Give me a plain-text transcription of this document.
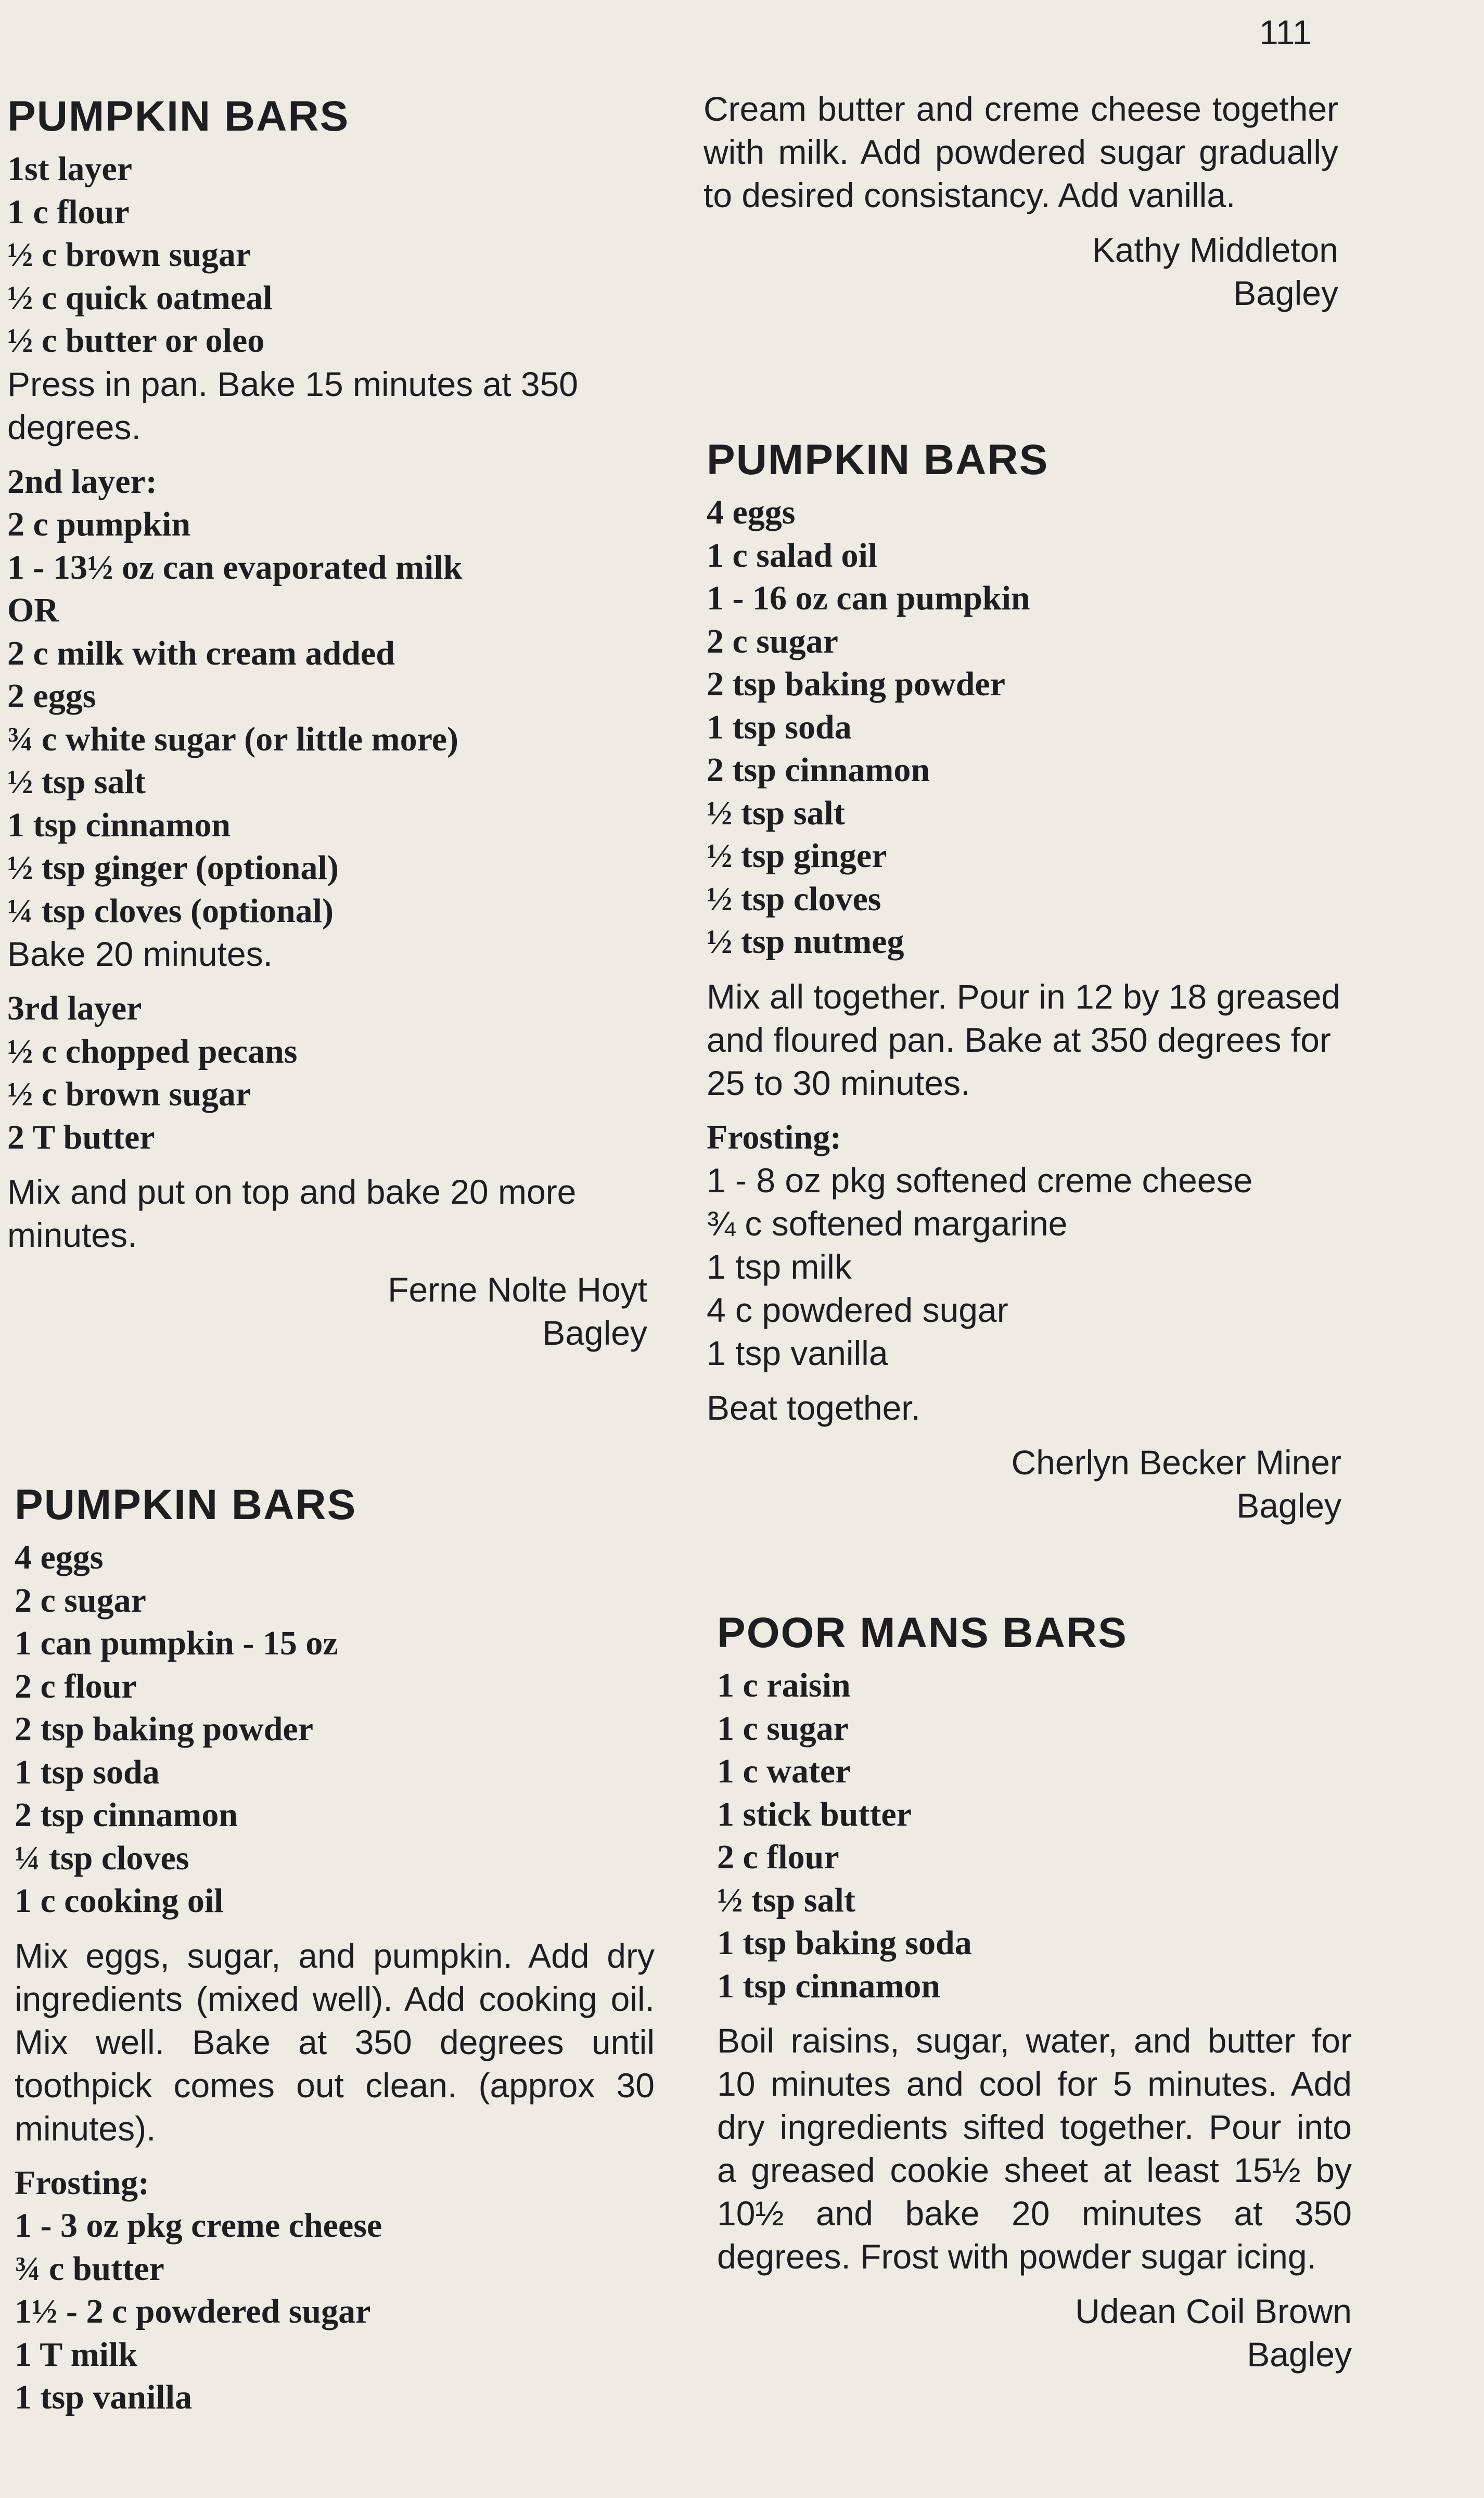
111
PUMPKIN BARS
1st layer
1 c flour
½ c brown sugar
½ c quick oatmeal
½ c butter or oleo
Press in pan. Bake 15 minutes at 350 degrees.
2nd layer:
2 c pumpkin
1 - 13½ oz can evaporated milk
OR
2 c milk with cream added
2 eggs
¾ c white sugar (or little more)
½ tsp salt
1 tsp cinnamon
½ tsp ginger (optional)
¼ tsp cloves (optional)
Bake 20 minutes.
3rd layer
½ c chopped pecans
½ c brown sugar
2 T butter
Mix and put on top and bake 20 more minutes.
Ferne Nolte Hoyt
Bagley
Cream butter and creme cheese together with milk. Add powdered sugar gradually to desired consistancy. Add vanilla.
Kathy Middleton
Bagley
PUMPKIN BARS
4 eggs
1 c salad oil
1 - 16 oz can pumpkin
2 c sugar
2 tsp baking powder
1 tsp soda
2 tsp cinnamon
½ tsp salt
½ tsp ginger
½ tsp cloves
½ tsp nutmeg
Mix all together. Pour in 12 by 18 greased and floured pan. Bake at 350 degrees for 25 to 30 minutes.
Frosting:
1 - 8 oz pkg softened creme cheese
¾ c softened margarine
1 tsp milk
4 c powdered sugar
1 tsp vanilla
Beat together.
Cherlyn Becker Miner
Bagley
PUMPKIN BARS
4 eggs
2 c sugar
1 can pumpkin - 15 oz
2 c flour
2 tsp baking powder
1 tsp soda
2 tsp cinnamon
¼ tsp cloves
1 c cooking oil
Mix eggs, sugar, and pumpkin. Add dry ingredients (mixed well). Add cooking oil. Mix well. Bake at 350 degrees until toothpick comes out clean. (approx 30 minutes).
Frosting:
1 - 3 oz pkg creme cheese
¾ c butter
1½ - 2 c powdered sugar
1 T milk
1 tsp vanilla
POOR MANS BARS
1 c raisin
1 c sugar
1 c water
1 stick butter
2 c flour
½ tsp salt
1 tsp baking soda
1 tsp cinnamon
Boil raisins, sugar, water, and butter for 10 minutes and cool for 5 minutes. Add dry ingredients sifted together. Pour into a greased cookie sheet at least 15½ by 10½ and bake 20 minutes at 350 degrees. Frost with powder sugar icing.
Udean Coil Brown
Bagley
